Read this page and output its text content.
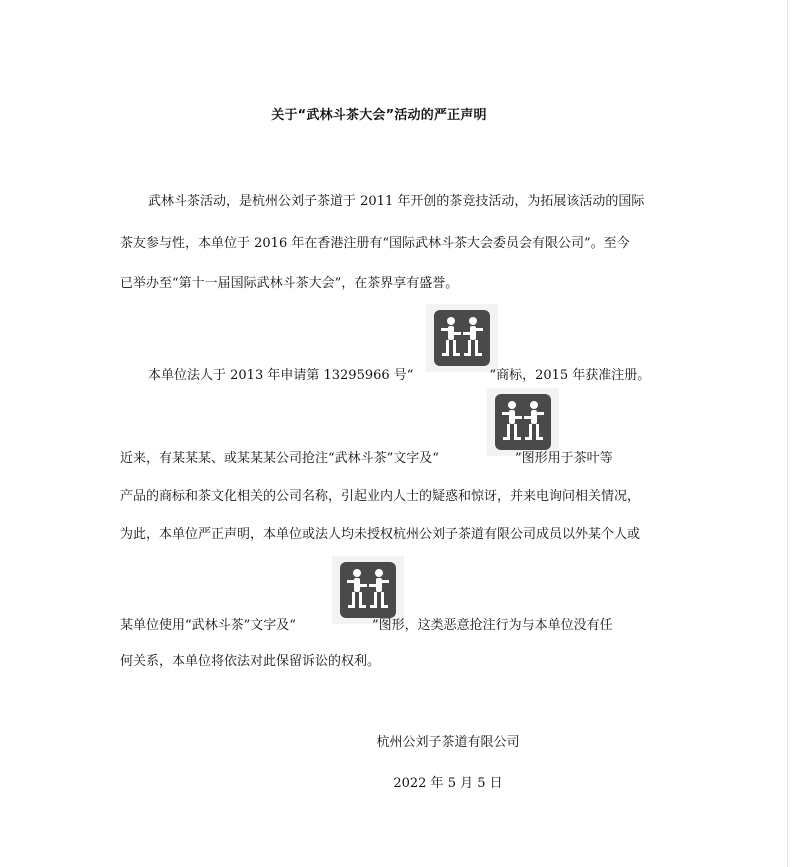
关于“武林斗茶大会”活动的严正声明
武林斗茶活动，是杭州公刘子茶道于 2011 年开创的茶竞技活动，为拓展该活动的国际
茶友参与性，本单位于 2016 年在香港注册有“国际武林斗茶大会委员会有限公司”。至今
已举办至“第十一届国际武林斗茶大会”，在茶界享有盛誉。
本单位法人于 2013 年申请第 13295966 号“	”商标，2015 年获准注册。
近来，有某某某、或某某某公司抢注“武林斗茶”文字及“	”图形用于茶叶等
产品的商标和茶文化相关的公司名称，引起业内人士的疑惑和惊讶，并来电询问相关情况，
为此，本单位严正声明，本单位或法人均未授权杭州公刘子茶道有限公司成员以外某个人或
某单位使用“武林斗茶”文字及“	”图形，这类恶意抢注行为与本单位没有任
何关系，本单位将依法对此保留诉讼的权利。
杭州公刘子茶道有限公司
2022 年 5 月 5 日
